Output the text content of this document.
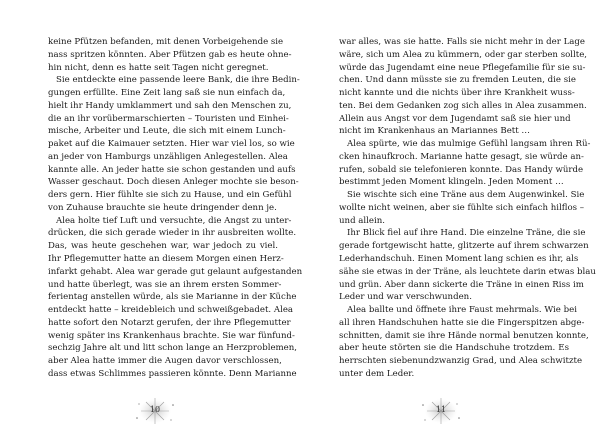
keine Pfützen befanden, mit denen Vorbeigehende sie

nass spritzen könnten. Aber Pfützen gab es heute ohne-

hin nicht, denn es hatte seit Tagen nicht geregnet.

Sie entdeckte eine passende leere Bank, die ihre Bedin-

gungen erfüllte. Eine Zeit lang saß sie nun einfach da,

hielt ihr Handy umklammert und sah den Menschen zu,

die an ihr vorübermarschierten – Touristen und Einhei-

mische, Arbeiter und Leute, die sich mit einem Lunch-

paket auf die Kaimauer setzten. Hier war viel los, so wie

an jeder von Hamburgs unzähligen Anlegestellen. Alea

kannte alle. An jeder hatte sie schon gestanden und aufs

Wasser geschaut. Doch diesen Anleger mochte sie beson-

ders gern. Hier fühlte sie sich zu Hause, und ein Gefühl

von Zuhause brauchte sie heute dringender denn je.

Alea holte tief Luft und versuchte, die Angst zu unter-

drücken, die sich gerade wieder in ihr ausbreiten wollte.

Das, was heute geschehen war, war jedoch zu viel.

Ihr Pflegemutter hatte an diesem Morgen einen Herz-

infarkt gehabt. Alea war gerade gut gelaunt aufgestanden

und hatte überlegt, was sie an ihrem ersten Sommer-

ferientag anstellen würde, als sie Marianne in der Küche

entdeckt hatte – kreidebleich und schweißgebadet. Alea

hatte sofort den Notarzt gerufen, der ihre Pflegemutter

wenig später ins Krankenhaus brachte. Sie war fünfund-

sechzig Jahre alt und litt schon lange an Herzproblemen,

aber Alea hatte immer die Augen davor verschlossen,

dass etwas Schlimmes passieren könnte. Denn Marianne

war alles, was sie hatte. Falls sie nicht mehr in der Lage

wäre, sich um Alea zu kümmern, oder gar sterben sollte,

würde das Jugendamt eine neue Pflegefamilie für sie su-

chen. Und dann müsste sie zu fremden Leuten, die sie

nicht kannte und die nichts über ihre Krankheit wuss-

ten. Bei dem Gedanken zog sich alles in Alea zusammen.

Allein aus Angst vor dem Jugendamt saß sie hier und

nicht im Krankenhaus an Mariannes Bett …

Alea spürte, wie das mulmige Gefühl langsam ihren Rü-

cken hinaufkroch. Marianne hatte gesagt, sie würde an-

rufen, sobald sie telefonieren konnte. Das Handy würde

bestimmt jeden Moment klingeln. Jeden Moment …

Sie wischte sich eine Träne aus dem Augenwinkel. Sie

wollte nicht weinen, aber sie fühlte sich einfach hilflos –

und allein.

Ihr Blick fiel auf ihre Hand. Die einzelne Träne, die sie

gerade fortgewischt hatte, glitzerte auf ihrem schwarzen

Lederhandschuh. Einen Moment lang schien es ihr, als

sähe sie etwas in der Träne, als leuchtete darin etwas blau

und grün. Aber dann sickerte die Träne in einen Riss im

Leder und war verschwunden.

Alea ballte und öffnete ihre Faust mehrmals. Wie bei

all ihren Handschuhen hatte sie die Fingerspitzen abge-

schnitten, damit sie ihre Hände normal benutzen konnte,

aber heute störten sie die Handschuhe trotzdem. Es

herrschten siebenundzwanzig Grad, und Alea schwitzte

unter dem Leder.

10	11
